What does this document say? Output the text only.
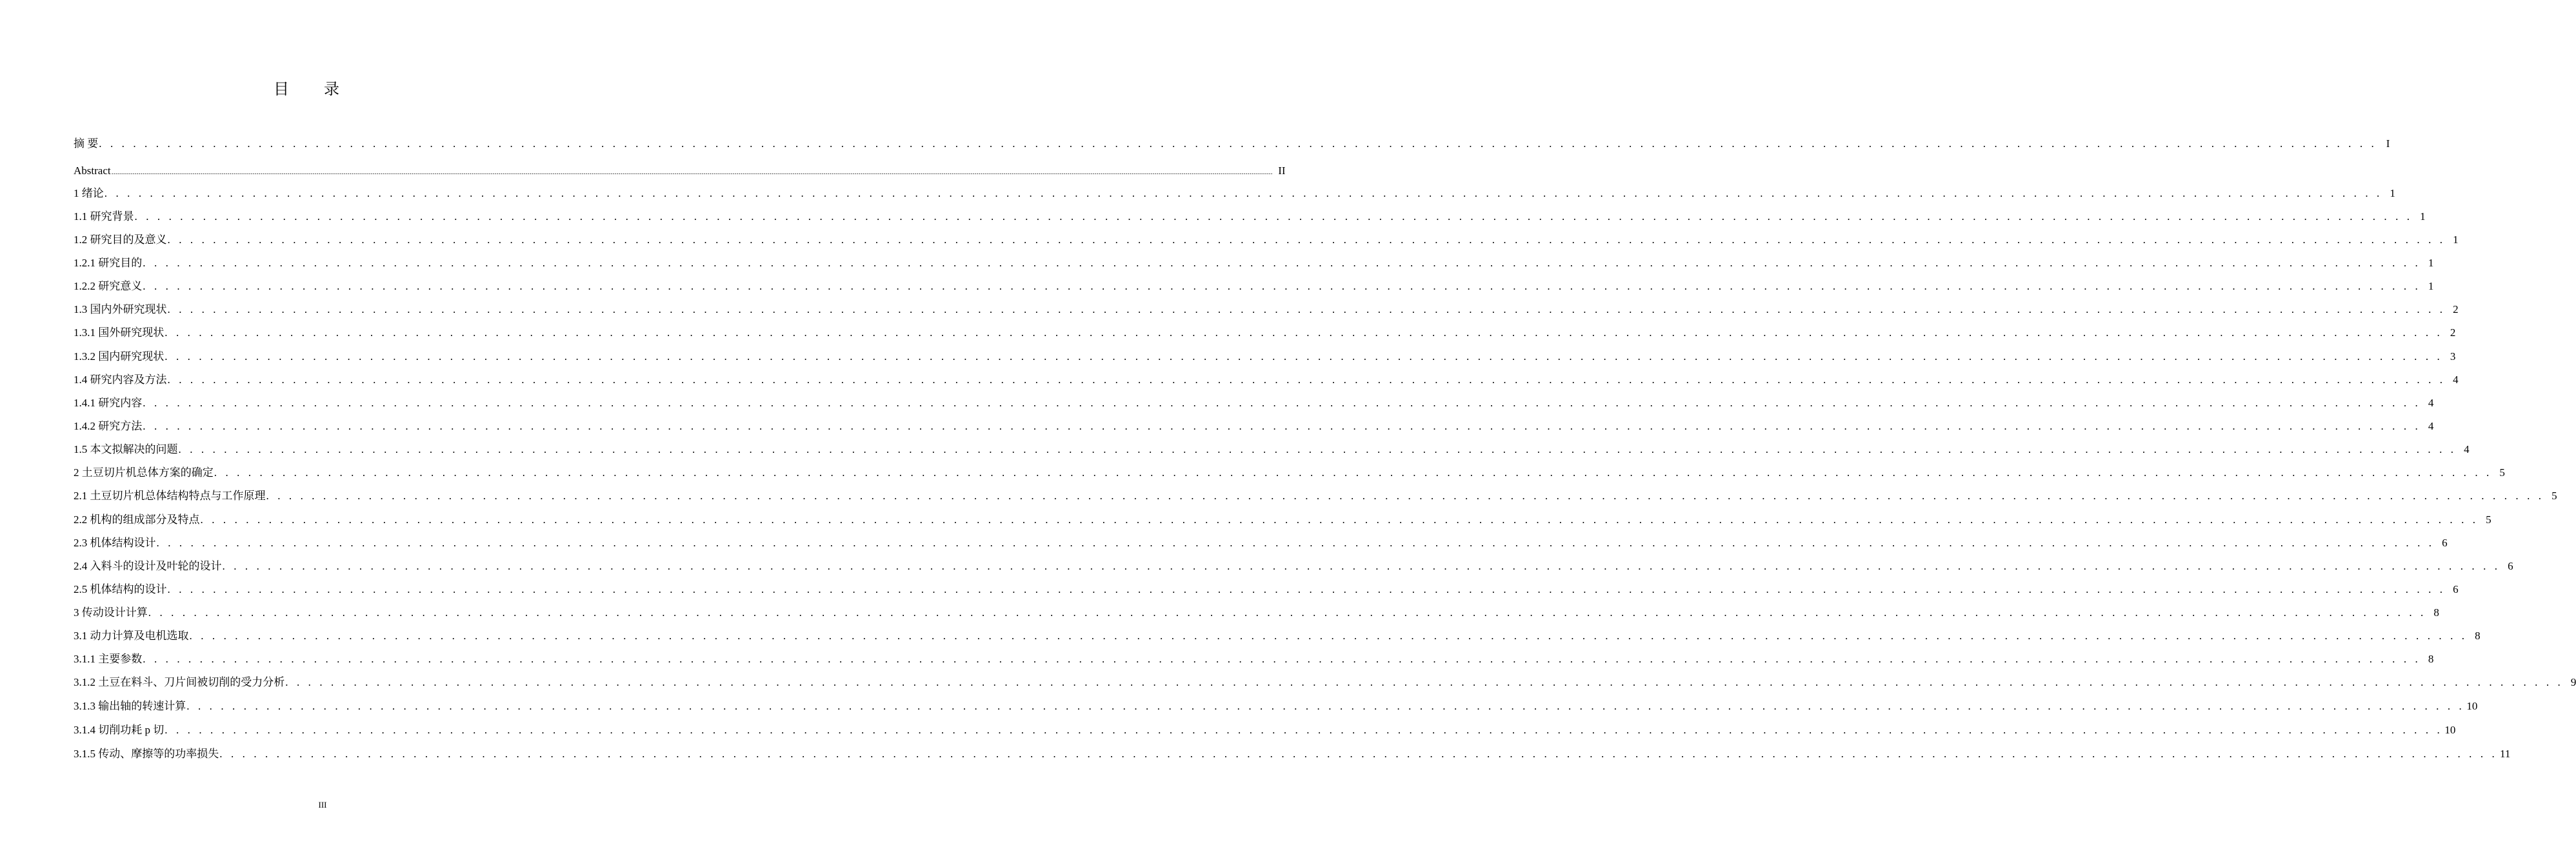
目 录
摘 要 . . . . . . . . . . . . . . . . . . . . . . . . . . . . . . . . . . . . . . . . . . . . . . . . . . . . . . . . . . . . . . . . . . . . . . . . . . . . . . . . . . . . . . . . . . . . . . . . . . . . . . . . . . . . . . . . . . . . . . . . . . . . . . . . . . . . . . . . . . . . . . . . . . . . . . . . . . . . . . . . . . . . . . . . . . . . . . . . . . . . . . . . . . . . . . . . . . . . . . . . I
Abstract ........................................................................................................................................................................................................................................................................................................................................................................................................................................................................................................................................................................................................................ II
1 绪论 . . . . . . . . . . . . . . . . . . . . . . . . . . . . . . . . . . . . . . . . . . . . . . . . . . . . . . . . . . . . . . . . . . . . . . . . . . . . . . . . . . . . . . . . . . . . . . . . . . . . . . . . . . . . . . . . . . . . . . . . . . . . . . . . . . . . . . . . . . . . . . . . . . . . . . . . . . . . . . . . . . . . . . . . . . . . . . . . . . . . . . . . . . . . . . . . . . . . . . . . 1
1.1 研究背景 . . . . . . . . . . . . . . . . . . . . . . . . . . . . . . . . . . . . . . . . . . . . . . . . . . . . . . . . . . . . . . . . . . . . . . . . . . . . . . . . . . . . . . . . . . . . . . . . . . . . . . . . . . . . . . . . . . . . . . . . . . . . . . . . . . . . . . . . . . . . . . . . . . . . . . . . . . . . . . . . . . . . . . . . . . . . . . . . . . . . . . . . . . . . . . . . . . . . . . . . 1
1.2 研究目的及意义 . . . . . . . . . . . . . . . . . . . . . . . . . . . . . . . . . . . . . . . . . . . . . . . . . . . . . . . . . . . . . . . . . . . . . . . . . . . . . . . . . . . . . . . . . . . . . . . . . . . . . . . . . . . . . . . . . . . . . . . . . . . . . . . . . . . . . . . . . . . . . . . . . . . . . . . . . . . . . . . . . . . . . . . . . . . . . . . . . . . . . . . . . . . . . . . . . . . . . . . . 1
1.2.1 研究目的 . . . . . . . . . . . . . . . . . . . . . . . . . . . . . . . . . . . . . . . . . . . . . . . . . . . . . . . . . . . . . . . . . . . . . . . . . . . . . . . . . . . . . . . . . . . . . . . . . . . . . . . . . . . . . . . . . . . . . . . . . . . . . . . . . . . . . . . . . . . . . . . . . . . . . . . . . . . . . . . . . . . . . . . . . . . . . . . . . . . . . . . . . . . . . . . . . . . . . . . . 1
1.2.2 研究意义 . . . . . . . . . . . . . . . . . . . . . . . . . . . . . . . . . . . . . . . . . . . . . . . . . . . . . . . . . . . . . . . . . . . . . . . . . . . . . . . . . . . . . . . . . . . . . . . . . . . . . . . . . . . . . . . . . . . . . . . . . . . . . . . . . . . . . . . . . . . . . . . . . . . . . . . . . . . . . . . . . . . . . . . . . . . . . . . . . . . . . . . . . . . . . . . . . . . . . . . . 1
1.3 国内外研究现状 . . . . . . . . . . . . . . . . . . . . . . . . . . . . . . . . . . . . . . . . . . . . . . . . . . . . . . . . . . . . . . . . . . . . . . . . . . . . . . . . . . . . . . . . . . . . . . . . . . . . . . . . . . . . . . . . . . . . . . . . . . . . . . . . . . . . . . . . . . . . . . . . . . . . . . . . . . . . . . . . . . . . . . . . . . . . . . . . . . . . . . . . . . . . . . . . . . . . . . . . 2
1.3.1 国外研究现状 . . . . . . . . . . . . . . . . . . . . . . . . . . . . . . . . . . . . . . . . . . . . . . . . . . . . . . . . . . . . . . . . . . . . . . . . . . . . . . . . . . . . . . . . . . . . . . . . . . . . . . . . . . . . . . . . . . . . . . . . . . . . . . . . . . . . . . . . . . . . . . . . . . . . . . . . . . . . . . . . . . . . . . . . . . . . . . . . . . . . . . . . . . . . . . . . . . . . . . . . 2
1.3.2 国内研究现状 . . . . . . . . . . . . . . . . . . . . . . . . . . . . . . . . . . . . . . . . . . . . . . . . . . . . . . . . . . . . . . . . . . . . . . . . . . . . . . . . . . . . . . . . . . . . . . . . . . . . . . . . . . . . . . . . . . . . . . . . . . . . . . . . . . . . . . . . . . . . . . . . . . . . . . . . . . . . . . . . . . . . . . . . . . . . . . . . . . . . . . . . . . . . . . . . . . . . . . . . 3
1.4 研究内容及方法 . . . . . . . . . . . . . . . . . . . . . . . . . . . . . . . . . . . . . . . . . . . . . . . . . . . . . . . . . . . . . . . . . . . . . . . . . . . . . . . . . . . . . . . . . . . . . . . . . . . . . . . . . . . . . . . . . . . . . . . . . . . . . . . . . . . . . . . . . . . . . . . . . . . . . . . . . . . . . . . . . . . . . . . . . . . . . . . . . . . . . . . . . . . . . . . . . . . . . . . . 4
1.4.1 研究内容 . . . . . . . . . . . . . . . . . . . . . . . . . . . . . . . . . . . . . . . . . . . . . . . . . . . . . . . . . . . . . . . . . . . . . . . . . . . . . . . . . . . . . . . . . . . . . . . . . . . . . . . . . . . . . . . . . . . . . . . . . . . . . . . . . . . . . . . . . . . . . . . . . . . . . . . . . . . . . . . . . . . . . . . . . . . . . . . . . . . . . . . . . . . . . . . . . . . . . . . . 4
1.4.2 研究方法 . . . . . . . . . . . . . . . . . . . . . . . . . . . . . . . . . . . . . . . . . . . . . . . . . . . . . . . . . . . . . . . . . . . . . . . . . . . . . . . . . . . . . . . . . . . . . . . . . . . . . . . . . . . . . . . . . . . . . . . . . . . . . . . . . . . . . . . . . . . . . . . . . . . . . . . . . . . . . . . . . . . . . . . . . . . . . . . . . . . . . . . . . . . . . . . . . . . . . . . . 4
1.5 本文拟解决的问题 . . . . . . . . . . . . . . . . . . . . . . . . . . . . . . . . . . . . . . . . . . . . . . . . . . . . . . . . . . . . . . . . . . . . . . . . . . . . . . . . . . . . . . . . . . . . . . . . . . . . . . . . . . . . . . . . . . . . . . . . . . . . . . . . . . . . . . . . . . . . . . . . . . . . . . . . . . . . . . . . . . . . . . . . . . . . . . . . . . . . . . . . . . . . . . . . . . . . . . . . 4
2 土豆切片机总体方案的确定 . . . . . . . . . . . . . . . . . . . . . . . . . . . . . . . . . . . . . . . . . . . . . . . . . . . . . . . . . . . . . . . . . . . . . . . . . . . . . . . . . . . . . . . . . . . . . . . . . . . . . . . . . . . . . . . . . . . . . . . . . . . . . . . . . . . . . . . . . . . . . . . . . . . . . . . . . . . . . . . . . . . . . . . . . . . . . . . . . . . . . . . . . . . . . . . . . . . . . . . . 5
2.1 土豆切片机总体结构特点与工作原理 . . . . . . . . . . . . . . . . . . . . . . . . . . . . . . . . . . . . . . . . . . . . . . . . . . . . . . . . . . . . . . . . . . . . . . . . . . . . . . . . . . . . . . . . . . . . . . . . . . . . . . . . . . . . . . . . . . . . . . . . . . . . . . . . . . . . . . . . . . . . . . . . . . . . . . . . . . . . . . . . . . . . . . . . . . . . . . . . . . . . . . . . . . . . . . . . . . . . . . . . 5
2.2 机构的组成部分及特点 . . . . . . . . . . . . . . . . . . . . . . . . . . . . . . . . . . . . . . . . . . . . . . . . . . . . . . . . . . . . . . . . . . . . . . . . . . . . . . . . . . . . . . . . . . . . . . . . . . . . . . . . . . . . . . . . . . . . . . . . . . . . . . . . . . . . . . . . . . . . . . . . . . . . . . . . . . . . . . . . . . . . . . . . . . . . . . . . . . . . . . . . . . . . . . . . . . . . . . . . 5
2.3 机体结构设计 . . . . . . . . . . . . . . . . . . . . . . . . . . . . . . . . . . . . . . . . . . . . . . . . . . . . . . . . . . . . . . . . . . . . . . . . . . . . . . . . . . . . . . . . . . . . . . . . . . . . . . . . . . . . . . . . . . . . . . . . . . . . . . . . . . . . . . . . . . . . . . . . . . . . . . . . . . . . . . . . . . . . . . . . . . . . . . . . . . . . . . . . . . . . . . . . . . . . . . . . 6
2.4 入料斗的设计及叶轮的设计 . . . . . . . . . . . . . . . . . . . . . . . . . . . . . . . . . . . . . . . . . . . . . . . . . . . . . . . . . . . . . . . . . . . . . . . . . . . . . . . . . . . . . . . . . . . . . . . . . . . . . . . . . . . . . . . . . . . . . . . . . . . . . . . . . . . . . . . . . . . . . . . . . . . . . . . . . . . . . . . . . . . . . . . . . . . . . . . . . . . . . . . . . . . . . . . . . . . . . . . . 6
2.5 机体结构的设计 . . . . . . . . . . . . . . . . . . . . . . . . . . . . . . . . . . . . . . . . . . . . . . . . . . . . . . . . . . . . . . . . . . . . . . . . . . . . . . . . . . . . . . . . . . . . . . . . . . . . . . . . . . . . . . . . . . . . . . . . . . . . . . . . . . . . . . . . . . . . . . . . . . . . . . . . . . . . . . . . . . . . . . . . . . . . . . . . . . . . . . . . . . . . . . . . . . . . . . . . 6
3 传动设计计算 . . . . . . . . . . . . . . . . . . . . . . . . . . . . . . . . . . . . . . . . . . . . . . . . . . . . . . . . . . . . . . . . . . . . . . . . . . . . . . . . . . . . . . . . . . . . . . . . . . . . . . . . . . . . . . . . . . . . . . . . . . . . . . . . . . . . . . . . . . . . . . . . . . . . . . . . . . . . . . . . . . . . . . . . . . . . . . . . . . . . . . . . . . . . . . . . . . . . . . . . 8
3.1 动力计算及电机选取 . . . . . . . . . . . . . . . . . . . . . . . . . . . . . . . . . . . . . . . . . . . . . . . . . . . . . . . . . . . . . . . . . . . . . . . . . . . . . . . . . . . . . . . . . . . . . . . . . . . . . . . . . . . . . . . . . . . . . . . . . . . . . . . . . . . . . . . . . . . . . . . . . . . . . . . . . . . . . . . . . . . . . . . . . . . . . . . . . . . . . . . . . . . . . . . . . . . . . . . . 8
3.1.1 主要参数 . . . . . . . . . . . . . . . . . . . . . . . . . . . . . . . . . . . . . . . . . . . . . . . . . . . . . . . . . . . . . . . . . . . . . . . . . . . . . . . . . . . . . . . . . . . . . . . . . . . . . . . . . . . . . . . . . . . . . . . . . . . . . . . . . . . . . . . . . . . . . . . . . . . . . . . . . . . . . . . . . . . . . . . . . . . . . . . . . . . . . . . . . . . . . . . . . . . . . . . . 8
3.1.2 土豆在料斗、刀片间被切削的受力分析 . . . . . . . . . . . . . . . . . . . . . . . . . . . . . . . . . . . . . . . . . . . . . . . . . . . . . . . . . . . . . . . . . . . . . . . . . . . . . . . . . . . . . . . . . . . . . . . . . . . . . . . . . . . . . . . . . . . . . . . . . . . . . . . . . . . . . . . . . . . . . . . . . . . . . . . . . . . . . . . . . . . . . . . . . . . . . . . . . . . . . . . . . . . . . . . . . . . . . . . . 9
3.1.3 输出轴的转速计算 . . . . . . . . . . . . . . . . . . . . . . . . . . . . . . . . . . . . . . . . . . . . . . . . . . . . . . . . . . . . . . . . . . . . . . . . . . . . . . . . . . . . . . . . . . . . . . . . . . . . . . . . . . . . . . . . . . . . . . . . . . . . . . . . . . . . . . . . . . . . . . . . . . . . . . . . . . . . . . . . . . . . . . . . . . . . . . . . . . . . . . . . . . . . . . . . . . . . . . . . 10
3.1.4 切削功耗 p 切 . . . . . . . . . . . . . . . . . . . . . . . . . . . . . . . . . . . . . . . . . . . . . . . . . . . . . . . . . . . . . . . . . . . . . . . . . . . . . . . . . . . . . . . . . . . . . . . . . . . . . . . . . . . . . . . . . . . . . . . . . . . . . . . . . . . . . . . . . . . . . . . . . . . . . . . . . . . . . . . . . . . . . . . . . . . . . . . . . . . . . . . . . . . . . . . . . . . . . . . . 10
3.1.5 传动、摩擦等的功率损失 . . . . . . . . . . . . . . . . . . . . . . . . . . . . . . . . . . . . . . . . . . . . . . . . . . . . . . . . . . . . . . . . . . . . . . . . . . . . . . . . . . . . . . . . . . . . . . . . . . . . . . . . . . . . . . . . . . . . . . . . . . . . . . . . . . . . . . . . . . . . . . . . . . . . . . . . . . . . . . . . . . . . . . . . . . . . . . . . . . . . . . . . . . . . . . . . . . . . . . . . 11
III
